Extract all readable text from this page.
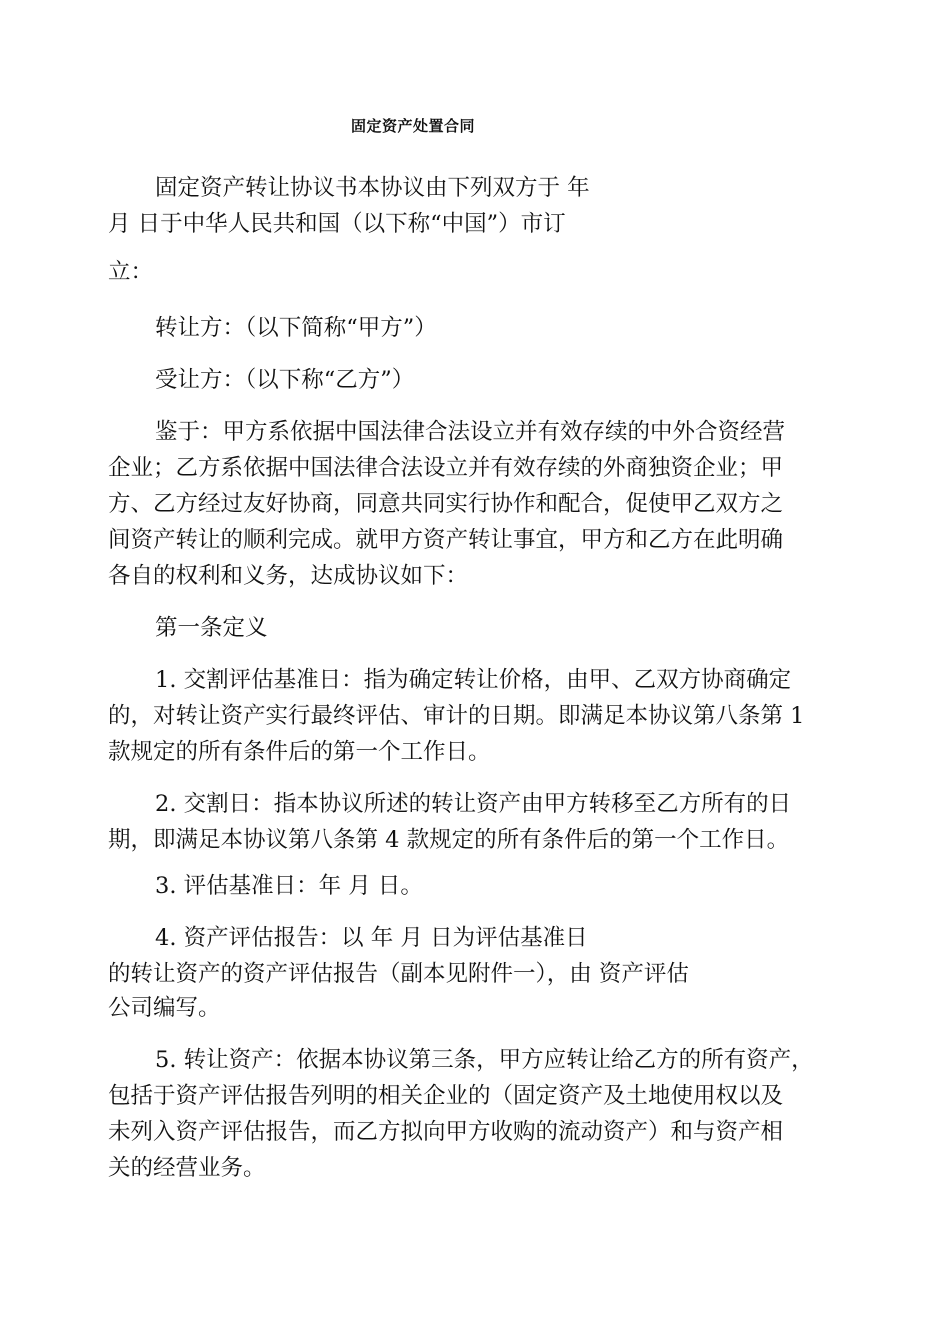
固定资产处置合同
固定资产转让协议书本协议由下列双方于 年
月 日于中华人民共和国（以下称“中国”）市订
立：
转让方：（以下简称“甲方”）
受让方：（以下称“乙方”）
鉴于：甲方系依据中国法律合法设立并有效存续的中外合资经营
企业；乙方系依据中国法律合法设立并有效存续的外商独资企业；甲
方、乙方经过友好协商，同意共同实行协作和配合，促使甲乙双方之
间资产转让的顺利完成。就甲方资产转让事宜，甲方和乙方在此明确
各自的权利和义务，达成协议如下：
第一条定义
1. 交割评估基准日：指为确定转让价格，由甲、乙双方协商确定
的，对转让资产实行最终评估、审计的日期。即满足本协议第八条第 1
款规定的所有条件后的第一个工作日。
2. 交割日：指本协议所述的转让资产由甲方转移至乙方所有的日
期，即满足本协议第八条第 4 款规定的所有条件后的第一个工作日。
3. 评估基准日：年 月 日。
4. 资产评估报告：以 年 月 日为评估基准日
的转让资产的资产评估报告（副本见附件一），由 资产评估
公司编写。
5. 转让资产：依据本协议第三条，甲方应转让给乙方的所有资产，
包括于资产评估报告列明的相关企业的（固定资产及土地使用权以及
未列入资产评估报告，而乙方拟向甲方收购的流动资产）和与资产相
关的经营业务。
